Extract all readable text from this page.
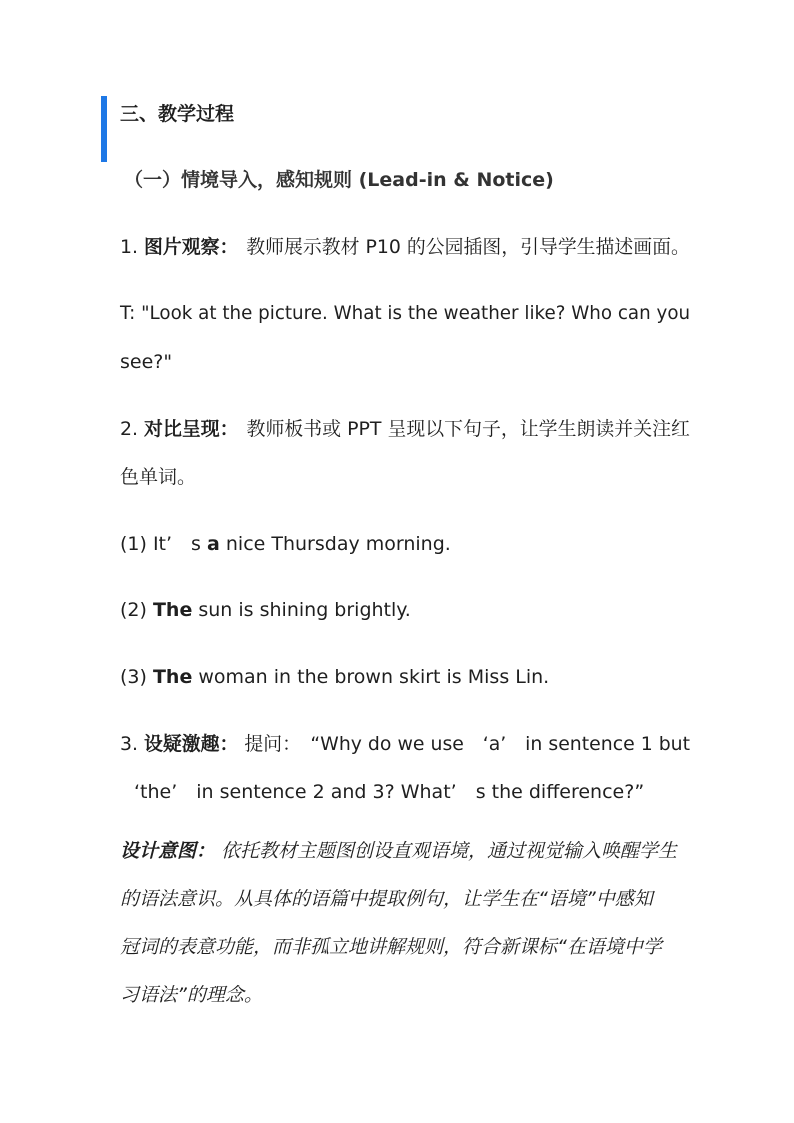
三、教学过程
（一）情境导入，感知规则 (Lead-in & Notice)
1. 图片观察： 教师展示教材 P10 的公园插图，引导学生描述画面。
T: "Look at the picture. What is the weather like? Who can you
see?"
2. 对比呈现： 教师板书或 PPT 呈现以下句子，让学生朗读并关注红
色单词。
(1) It’　s a nice Thursday morning.
(2) The sun is shining brightly.
(3) The woman in the brown skirt is Miss Lin.
3. 设疑激趣： 提问：　“Why do we use　‘a’　in sentence 1 but
‘the’　in sentence 2 and 3? What’　s the difference?”
设计意图： 依托教材主题图创设直观语境，通过视觉输入唤醒学生
的语法意识。从具体的语篇中提取例句，让学生在“语境”中感知
冠词的表意功能，而非孤立地讲解规则，符合新课标“在语境中学
习语法”的理念。
